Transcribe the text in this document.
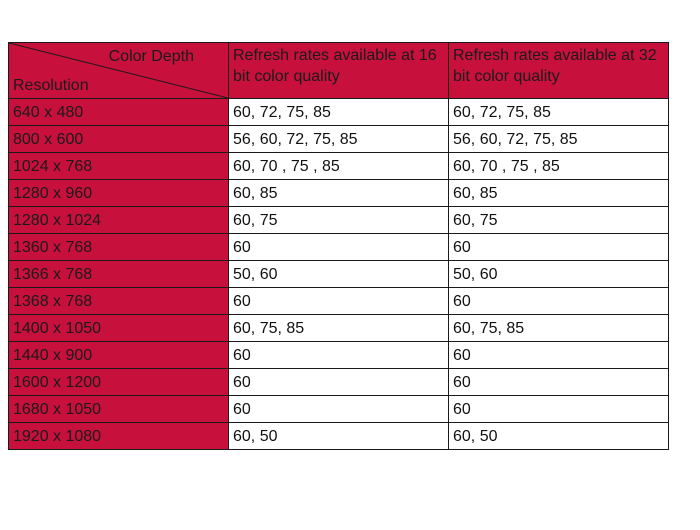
Color Depth
Resolution	Refresh rates available at 16 bit color quality	Refresh rates available at 32 bit color quality
640 x 480	60, 72, 75, 85	60, 72, 75, 85
800 x 600	56, 60, 72, 75, 85	56, 60, 72, 75, 85
1024 x 768	60, 70 , 75 , 85	60, 70 , 75 , 85
1280 x 960	60, 85	60, 85
1280 x 1024	60, 75	60, 75
1360 x 768	60	60
1366 x 768	50, 60	50, 60
1368 x 768	60	60
1400 x 1050	60, 75, 85	60, 75, 85
1440 x 900	60	60
1600 x 1200	60	60
1680 x 1050	60	60
1920 x 1080	60, 50	60, 50
